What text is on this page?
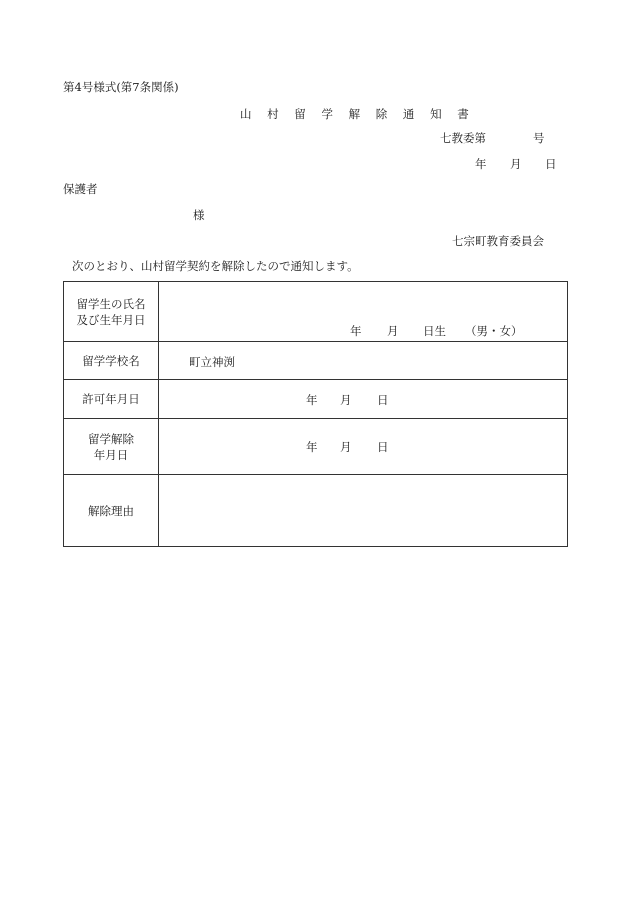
第4号様式(第7条関係)
山 村 留 学 解 除 通 知 書
七教委第	号
年 月 日
保護者
様
七宗町教育委員会
次のとおり、山村留学契約を解除したので通知します。
留学生の氏名
及び生年月日	年 月 日生 （男・女）

留学学校名	町立神渕

許可年月日	年 月 日

留学解除
年月日	年 月 日

解除理由	
